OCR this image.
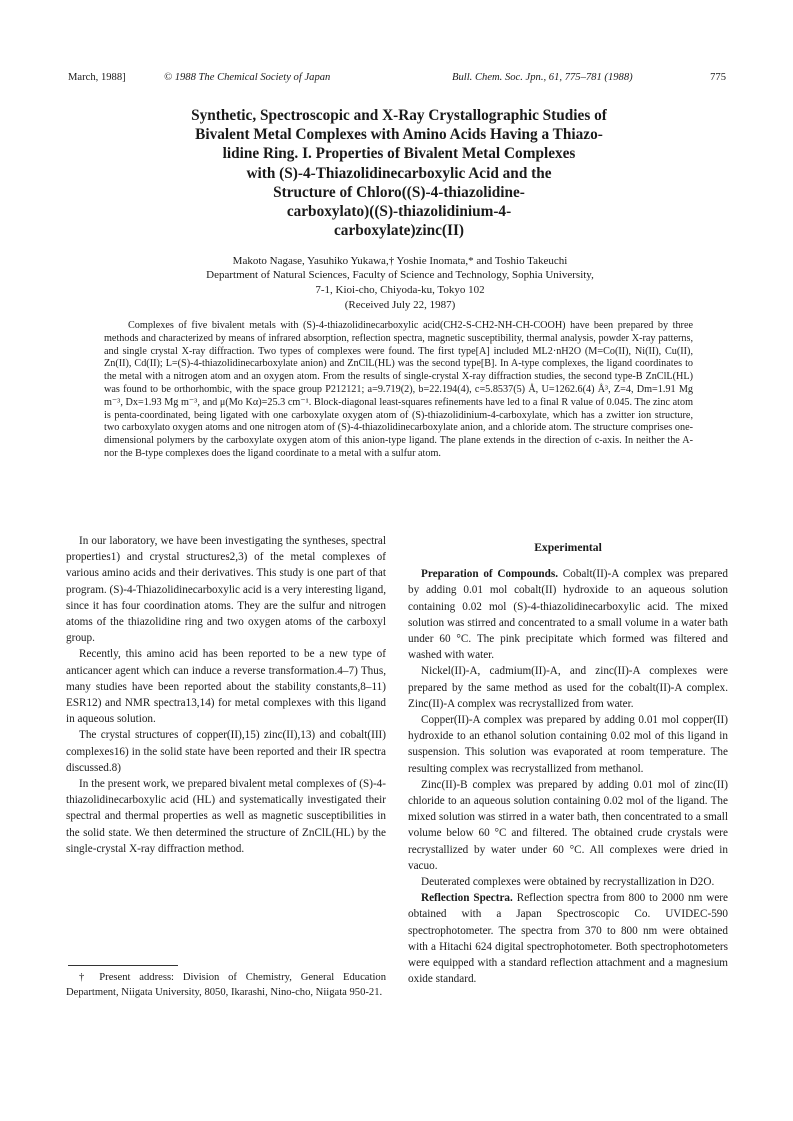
March, 1988]	© 1988 The Chemical Society of Japan	Bull. Chem. Soc. Jpn., 61, 775–781 (1988)	775
Synthetic, Spectroscopic and X-Ray Crystallographic Studies of
Bivalent Metal Complexes with Amino Acids Having a Thiazo-
lidine Ring. I. Properties of Bivalent Metal Complexes
with (S)-4-Thiazolidinecarboxylic Acid and the
Structure of Chloro((S)-4-thiazolidine-
carboxylato)((S)-thiazolidinium-4-
carboxylate)zinc(II)
Makoto Nagase, Yasuhiko Yukawa,† Yoshie Inomata,* and Toshio Takeuchi
Department of Natural Sciences, Faculty of Science and Technology, Sophia University,
7-1, Kioi-cho, Chiyoda-ku, Tokyo 102
(Received July 22, 1987)

Complexes of five bivalent metals with (S)-4-thiazolidinecarboxylic acid(CH2-S-CH2-NH-CH-COOH) have been prepared by three methods and characterized by means of infrared absorption, reflection spectra, magnetic susceptibility, thermal analysis, powder X-ray patterns, and single crystal X-ray diffraction. Two types of complexes were found. The first type[A] included ML2·nH2O (M=Co(II), Ni(II), Cu(II), Zn(II), Cd(II); L=(S)-4-thiazolidinecarboxylate anion) and ZnClL(HL) was the second type[B]. In A-type complexes, the ligand coordinates to the metal with a nitrogen atom and an oxygen atom. From the results of single-crystal X-ray diffraction studies, the second type-B ZnClL(HL) was found to be orthorhombic, with the space group P212121; a=9.719(2), b=22.194(4), c=5.8537(5) Å, U=1262.6(4) Å³, Z=4, Dm=1.91 Mg m⁻³, Dx=1.93 Mg m⁻³, and μ(Mo Kα)=25.3 cm⁻¹. Block-diagonal least-squares refinements have led to a final R value of 0.045. The zinc atom is penta-coordinated, being ligated with one carboxylate oxygen atom of (S)-thiazolidinium-4-carboxylate, which has a zwitter ion structure, two carboxylato oxygen atoms and one nitrogen atom of (S)-4-thiazolidinecarboxylate anion, and a chloride atom. The structure comprises one-dimensional polymers by the carboxylate oxygen atom of this anion-type ligand. The plane extends in the direction of c-axis. In neither the A- nor the B-type complexes does the ligand coordinate to a metal with a sulfur atom.

In our laboratory, we have been investigating the syntheses, spectral properties1) and crystal structures2,3) of the metal complexes of various amino acids and their derivatives. This study is one part of that program. (S)-4-Thiazolidinecarboxylic acid is a very interesting ligand, since it has four coordination atoms. They are the sulfur and nitrogen atoms of the thiazolidine ring and two oxygen atoms of the carboxyl group.

Recently, this amino acid has been reported to be a new type of anticancer agent which can induce a reverse transformation.4–7) Thus, many studies have been reported about the stability constants,8–11) ESR12) and NMR spectra13,14) for metal complexes with this ligand in aqueous solution.

The crystal structures of copper(II),15) zinc(II),13) and cobalt(III) complexes16) in the solid state have been reported and their IR spectra discussed.8)

In the present work, we prepared bivalent metal complexes of (S)-4-thiazolidinecarboxylic acid (HL) and systematically investigated their spectral and thermal properties as well as magnetic susceptibilities in the solid state. We then determined the structure of ZnClL(HL) by the single-crystal X-ray diffraction method.

† Present address: Division of Chemistry, General Education Department, Niigata University, 8050, Ikarashi, Nino-cho, Niigata 950-21.

Experimental

Preparation of Compounds. Cobalt(II)-A complex was prepared by adding 0.01 mol cobalt(II) hydroxide to an aqueous solution containing 0.02 mol (S)-4-thiazolidinecarboxylic acid. The mixed solution was stirred and concentrated to a small volume in a water bath under 60 °C. The pink precipitate which formed was filtered and washed with water.

Nickel(II)-A, cadmium(II)-A, and zinc(II)-A complexes were prepared by the same method as used for the cobalt(II)-A complex. Zinc(II)-A complex was recrystallized from water.

Copper(II)-A complex was prepared by adding 0.01 mol copper(II) hydroxide to an ethanol solution containing 0.02 mol of this ligand in suspension. This solution was evaporated at room temperature. The resulting complex was recrystallized from methanol.

Zinc(II)-B complex was prepared by adding 0.01 mol of zinc(II) chloride to an aqueous solution containing 0.02 mol of the ligand. The mixed solution was stirred in a water bath, then concentrated to a small volume below 60 °C and filtered. The obtained crude crystals were recrystallized by water under 60 °C. All complexes were dried in vacuo.

Deuterated complexes were obtained by recrystallization in D2O.

Reflection Spectra. Reflection spectra from 800 to 2000 nm were obtained with a Japan Spectroscopic Co. UVIDEC-590 spectrophotometer. The spectra from 370 to 800 nm were obtained with a Hitachi 624 digital spectrophotometer. Both spectrophotometers were equipped with a standard reflection attachment and a magnesium oxide standard.
